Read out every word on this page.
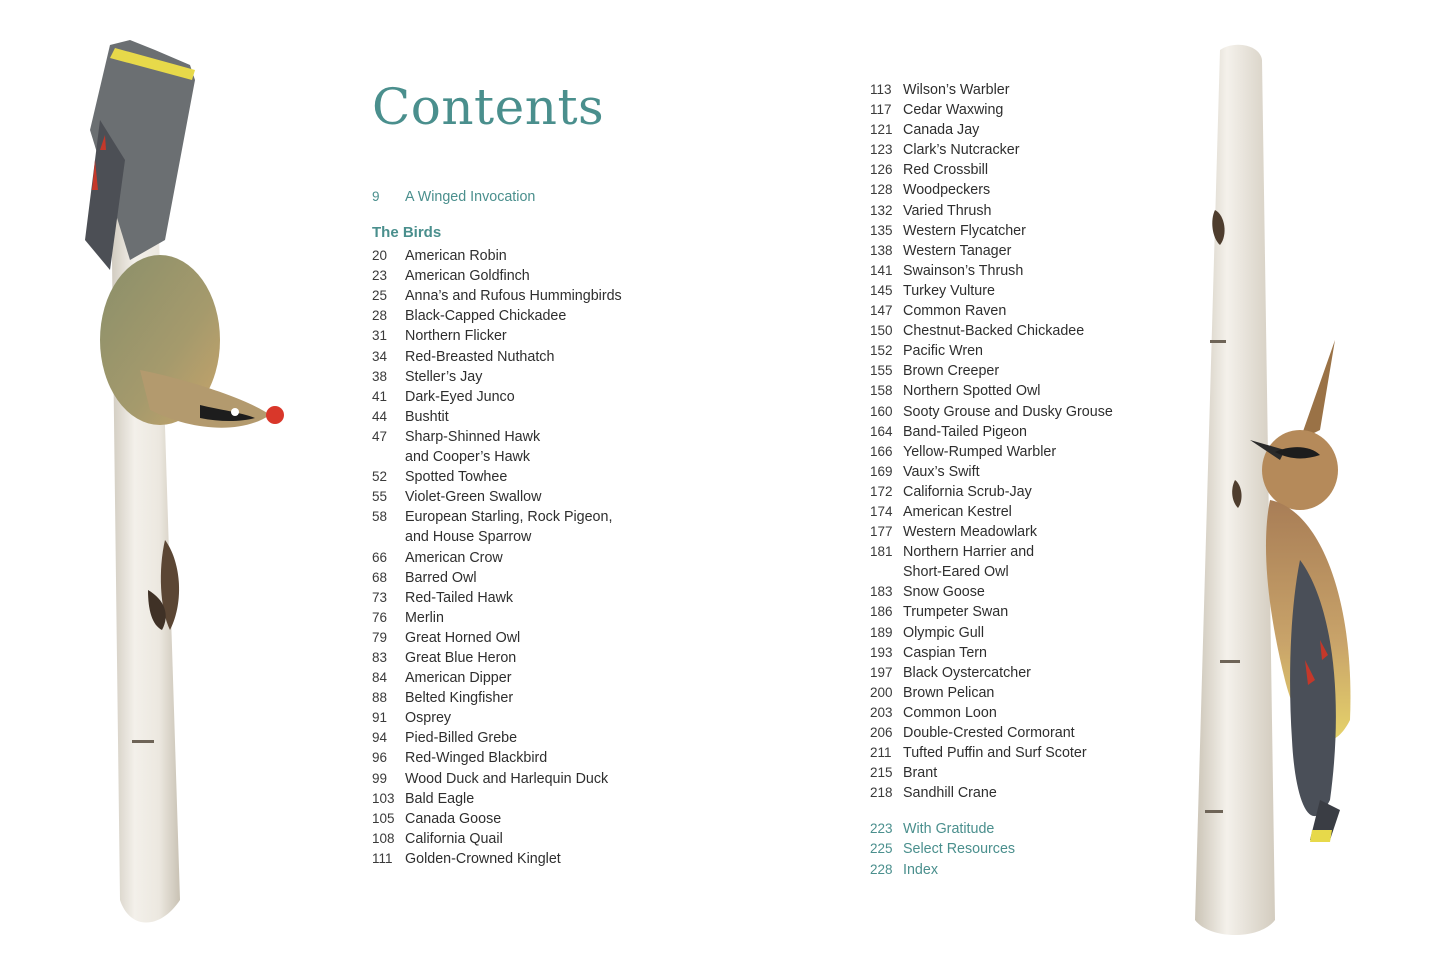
Contents
9	A Winged Invocation
The Birds
20	American Robin
23	American Goldfinch
25	Anna’s and Rufous Hummingbirds
28	Black-Capped Chickadee
31	Northern Flicker
34	Red-Breasted Nuthatch
38	Steller’s Jay
41	Dark-Eyed Junco
44	Bushtit
47	Sharp-Shinned Hawk
and Cooper’s Hawk
52	Spotted Towhee
55	Violet-Green Swallow
58	European Starling, Rock Pigeon,
and House Sparrow
66	American Crow
68	Barred Owl
73	Red-Tailed Hawk
76	Merlin
79	Great Horned Owl
83	Great Blue Heron
84	American Dipper
88	Belted Kingfisher
91	Osprey
94	Pied-Billed Grebe
96	Red-Winged Blackbird
99	Wood Duck and Harlequin Duck
103 Bald Eagle
105 Canada Goose
108 California Quail
111 Golden-Crowned Kinglet
113 Wilson’s Warbler
117 Cedar Waxwing
121 Canada Jay
123 Clark’s Nutcracker
126 Red Crossbill
128 Woodpeckers
132 Varied Thrush
135 Western Flycatcher
138 Western Tanager
141 Swainson’s Thrush
145 Turkey Vulture
147 Common Raven
150 Chestnut-Backed Chickadee
152 Pacific Wren
155 Brown Creeper
158 Northern Spotted Owl
160 Sooty Grouse and Dusky Grouse
164 Band-Tailed Pigeon
166 Yellow-Rumped Warbler
169 Vaux’s Swift
172 California Scrub-Jay
174 American Kestrel
177 Western Meadowlark
181 Northern Harrier and
Short-Eared Owl
183 Snow Goose
186 Trumpeter Swan
189 Olympic Gull
193 Caspian Tern
197 Black Oystercatcher
200 Brown Pelican
203 Common Loon
206 Double-Crested Cormorant
211 Tufted Puffin and Surf Scoter
215 Brant
218 Sandhill Crane
223 With Gratitude
225 Select Resources
228 Index
